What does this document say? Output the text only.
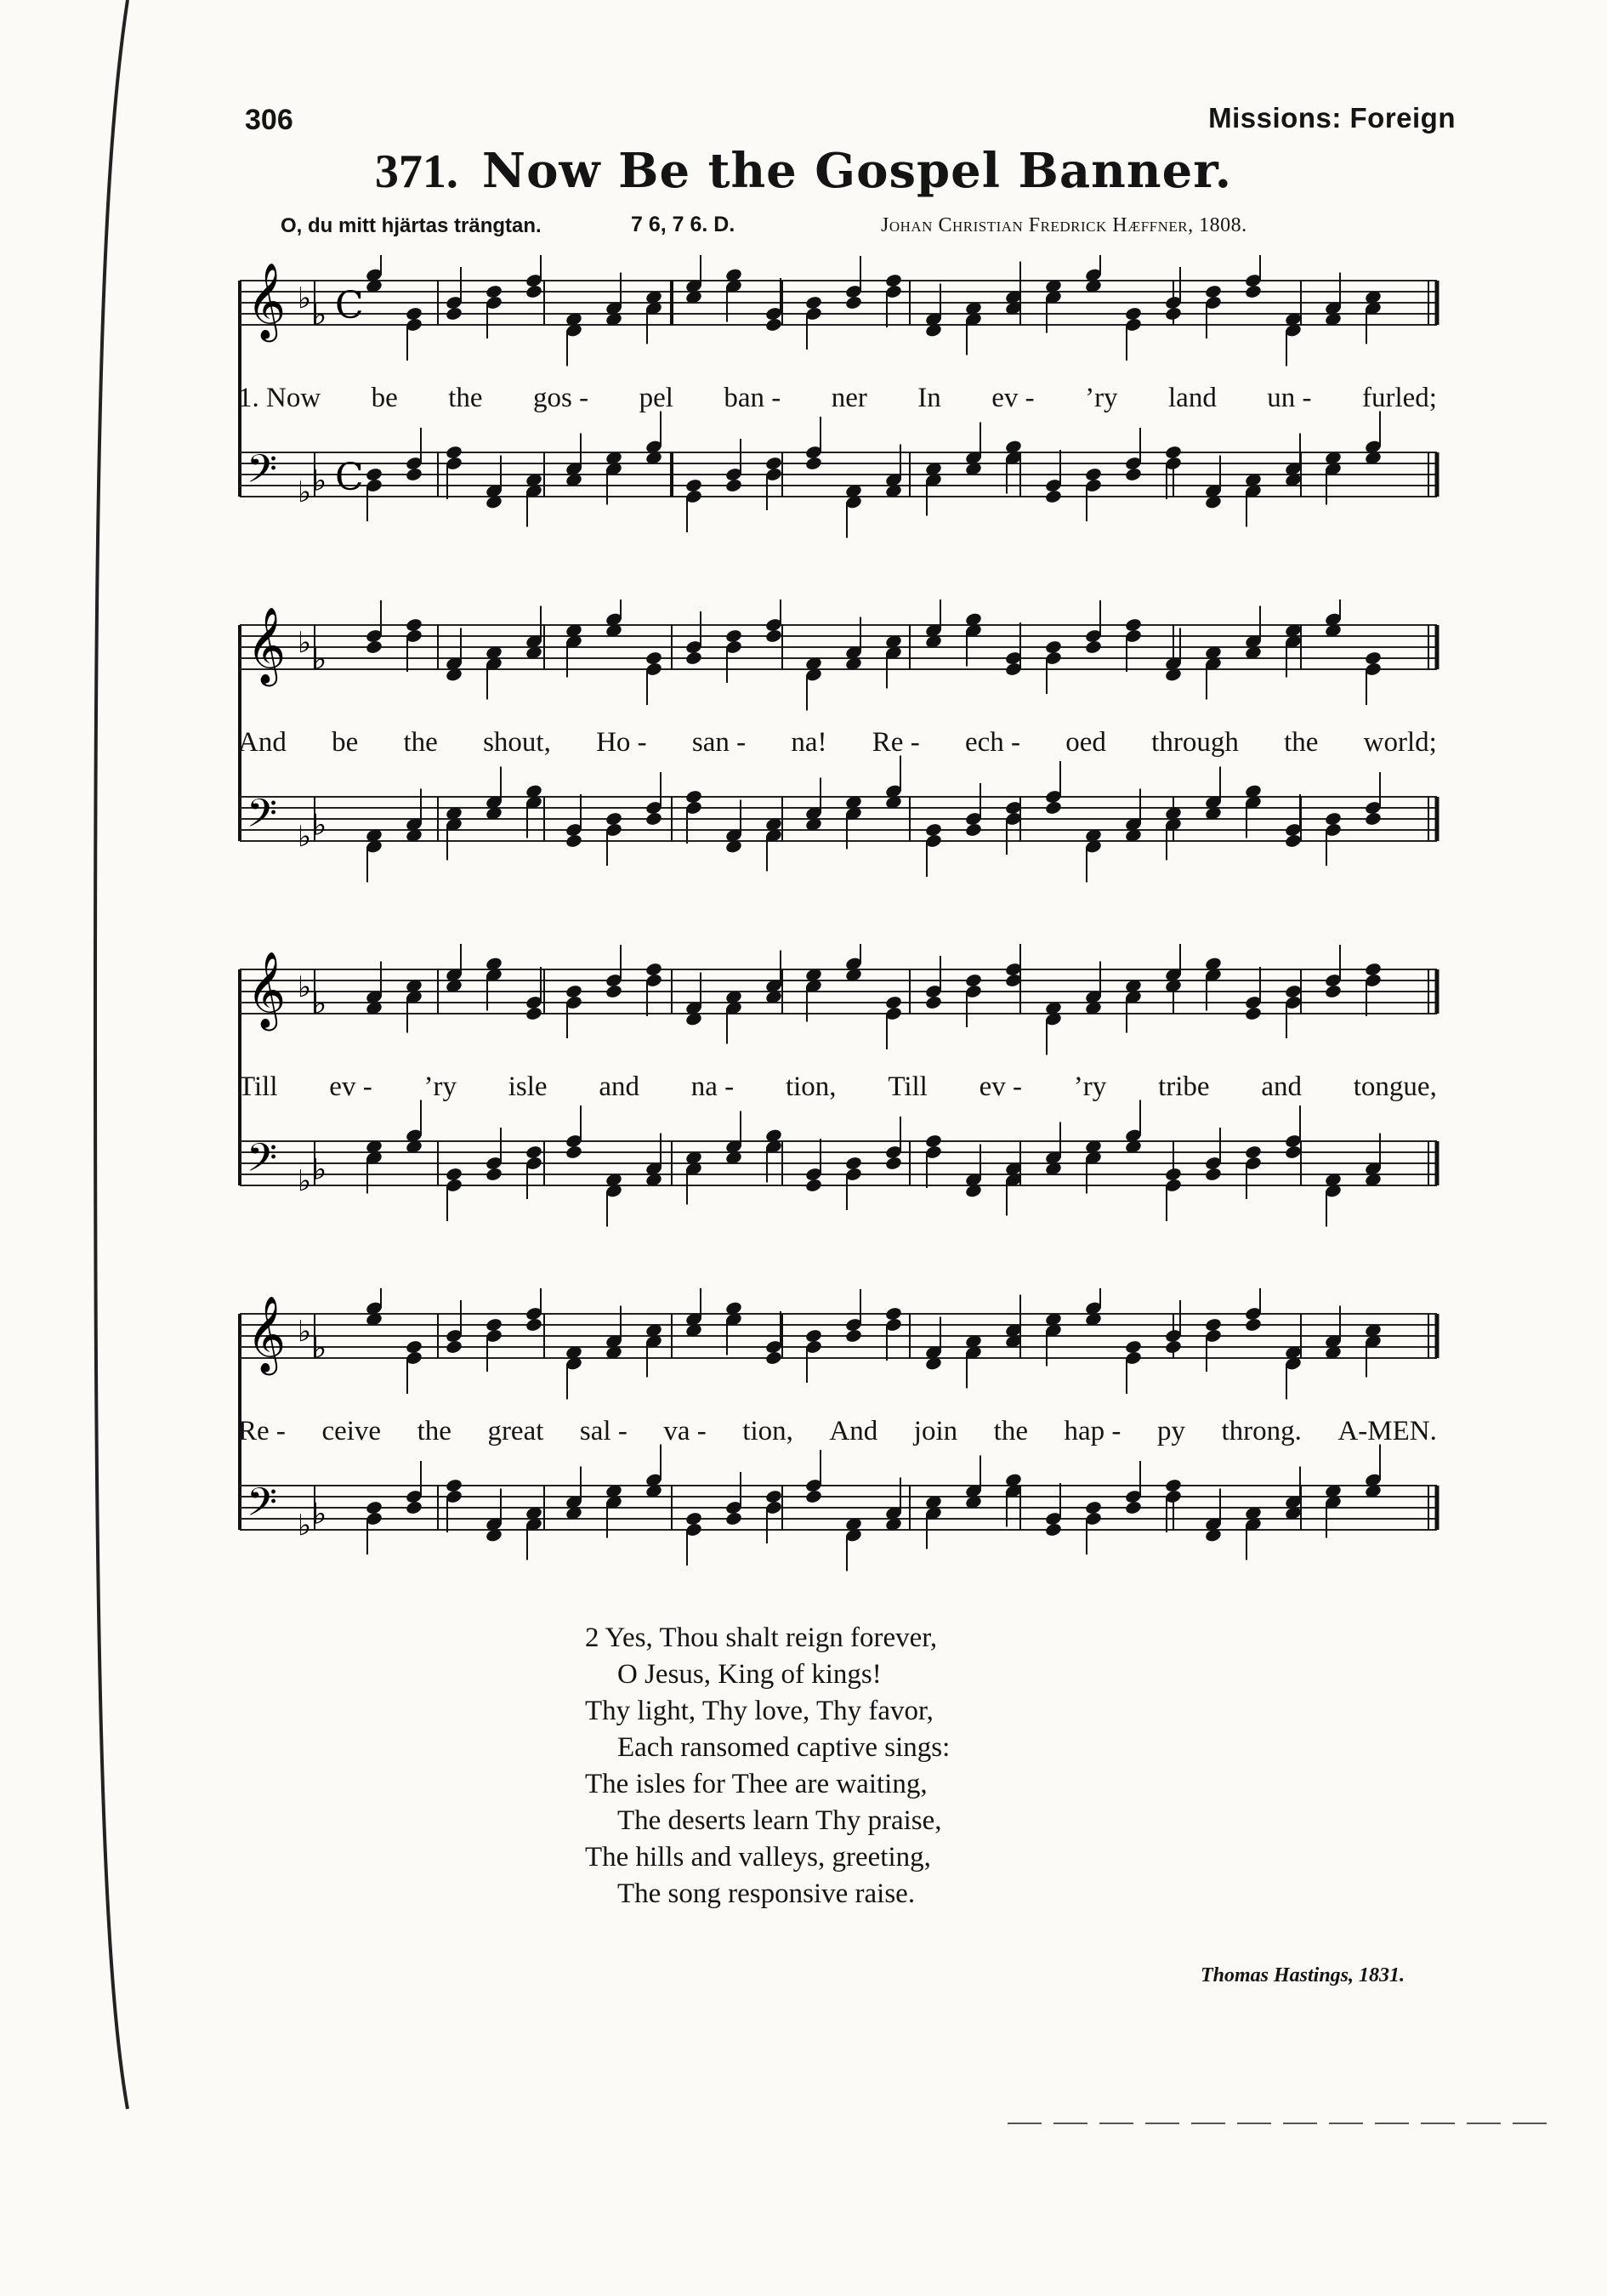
306	Missions: Foreign
371. Now Be the Gospel Banner.
O, du mitt hjärtas trängtan.	7 6, 7 6. D.	Johan Christian Fredrick Hæffner, 1808.
𝄞 ♭ ♭ C
𝄢 ♭ ♭ C
1. Now be the gos - pel ban - ner In ev - ’ry land un - furled;
𝄞 ♭ ♭
𝄢 ♭ ♭
And be the shout, Ho - san - na! Re - ech - oed through the world;
𝄞 ♭ ♭
𝄢 ♭ ♭
Till ev - ’ry isle and na - tion, Till ev - ’ry tribe and tongue,
𝄞 ♭ ♭
𝄢 ♭ ♭
Re - ceive the great sal - va - tion, And join the hap - py throng. A-MEN.
2 Yes, Thou shalt reign forever,
O Jesus, King of kings!
Thy light, Thy love, Thy favor,
Each ransomed captive sings:
The isles for Thee are waiting,
The deserts learn Thy praise,
The hills and valleys, greeting,
The song responsive raise.
Thomas Hastings, 1831.
